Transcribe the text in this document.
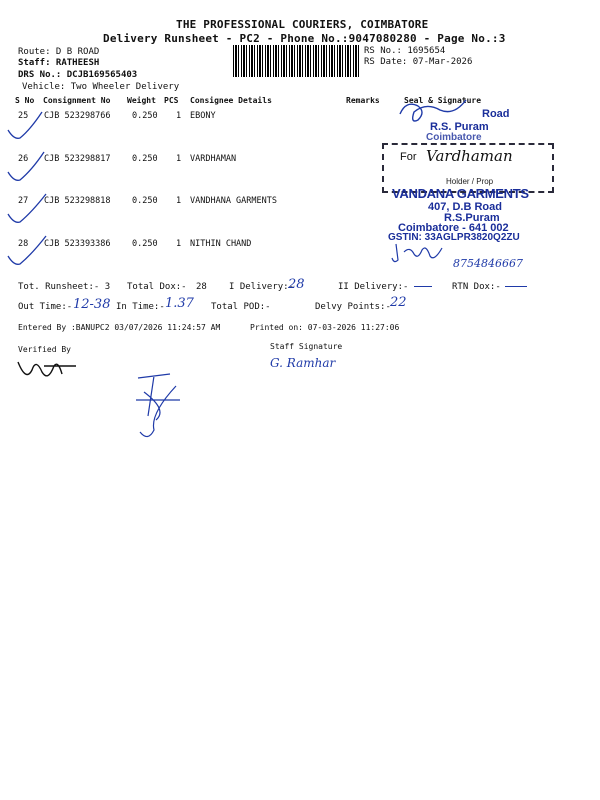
THE PROFESSIONAL COURIERS, COIMBATORE
Delivery Runsheet - PC2 - Phone No.:9047080280 - Page No.:3
Route: D B ROAD
Staff: RATHEESH
DRS No.: DCJB169565403
Vehicle: Two Wheeler Delivery
RS No.: 1695654
RS Date: 07-Mar-2026
S No Consignment No Weight PCS Consignee Details	Remarks	Seal & Signature
25 CJB 523298766	0.250 1 EBONY
26 CJB 523298817	0.250 1 VARDHAMAN
27 CJB 523298818	0.250 1 VANDHANA GARMENTS
28 CJB 523393386	0.250 1 NITHIN CHAND
Road
R.S. Puram
Coimbatore
For Vardhaman
Holder / Prop
VANDANA GARMENTS
407, D.B Road
R.S.Puram
Coimbatore - 641 002
GSTIN: 33AGLPR3820Q2ZU
8754846667
Tot. Runsheet:- 3 Total Dox:- 28 I Delivery:-
28	II Delivery:-	RTN Dox:-
Out Time:- 12-38 In Time:- 1.37 Total POD:-	Delvy Points:- 22
Entered By :BANUPC2 03/07/2026 11:24:57 AM	Printed on: 07-03-2026 11:27:06
Verified By	Staff Signature
G. Ramhar
